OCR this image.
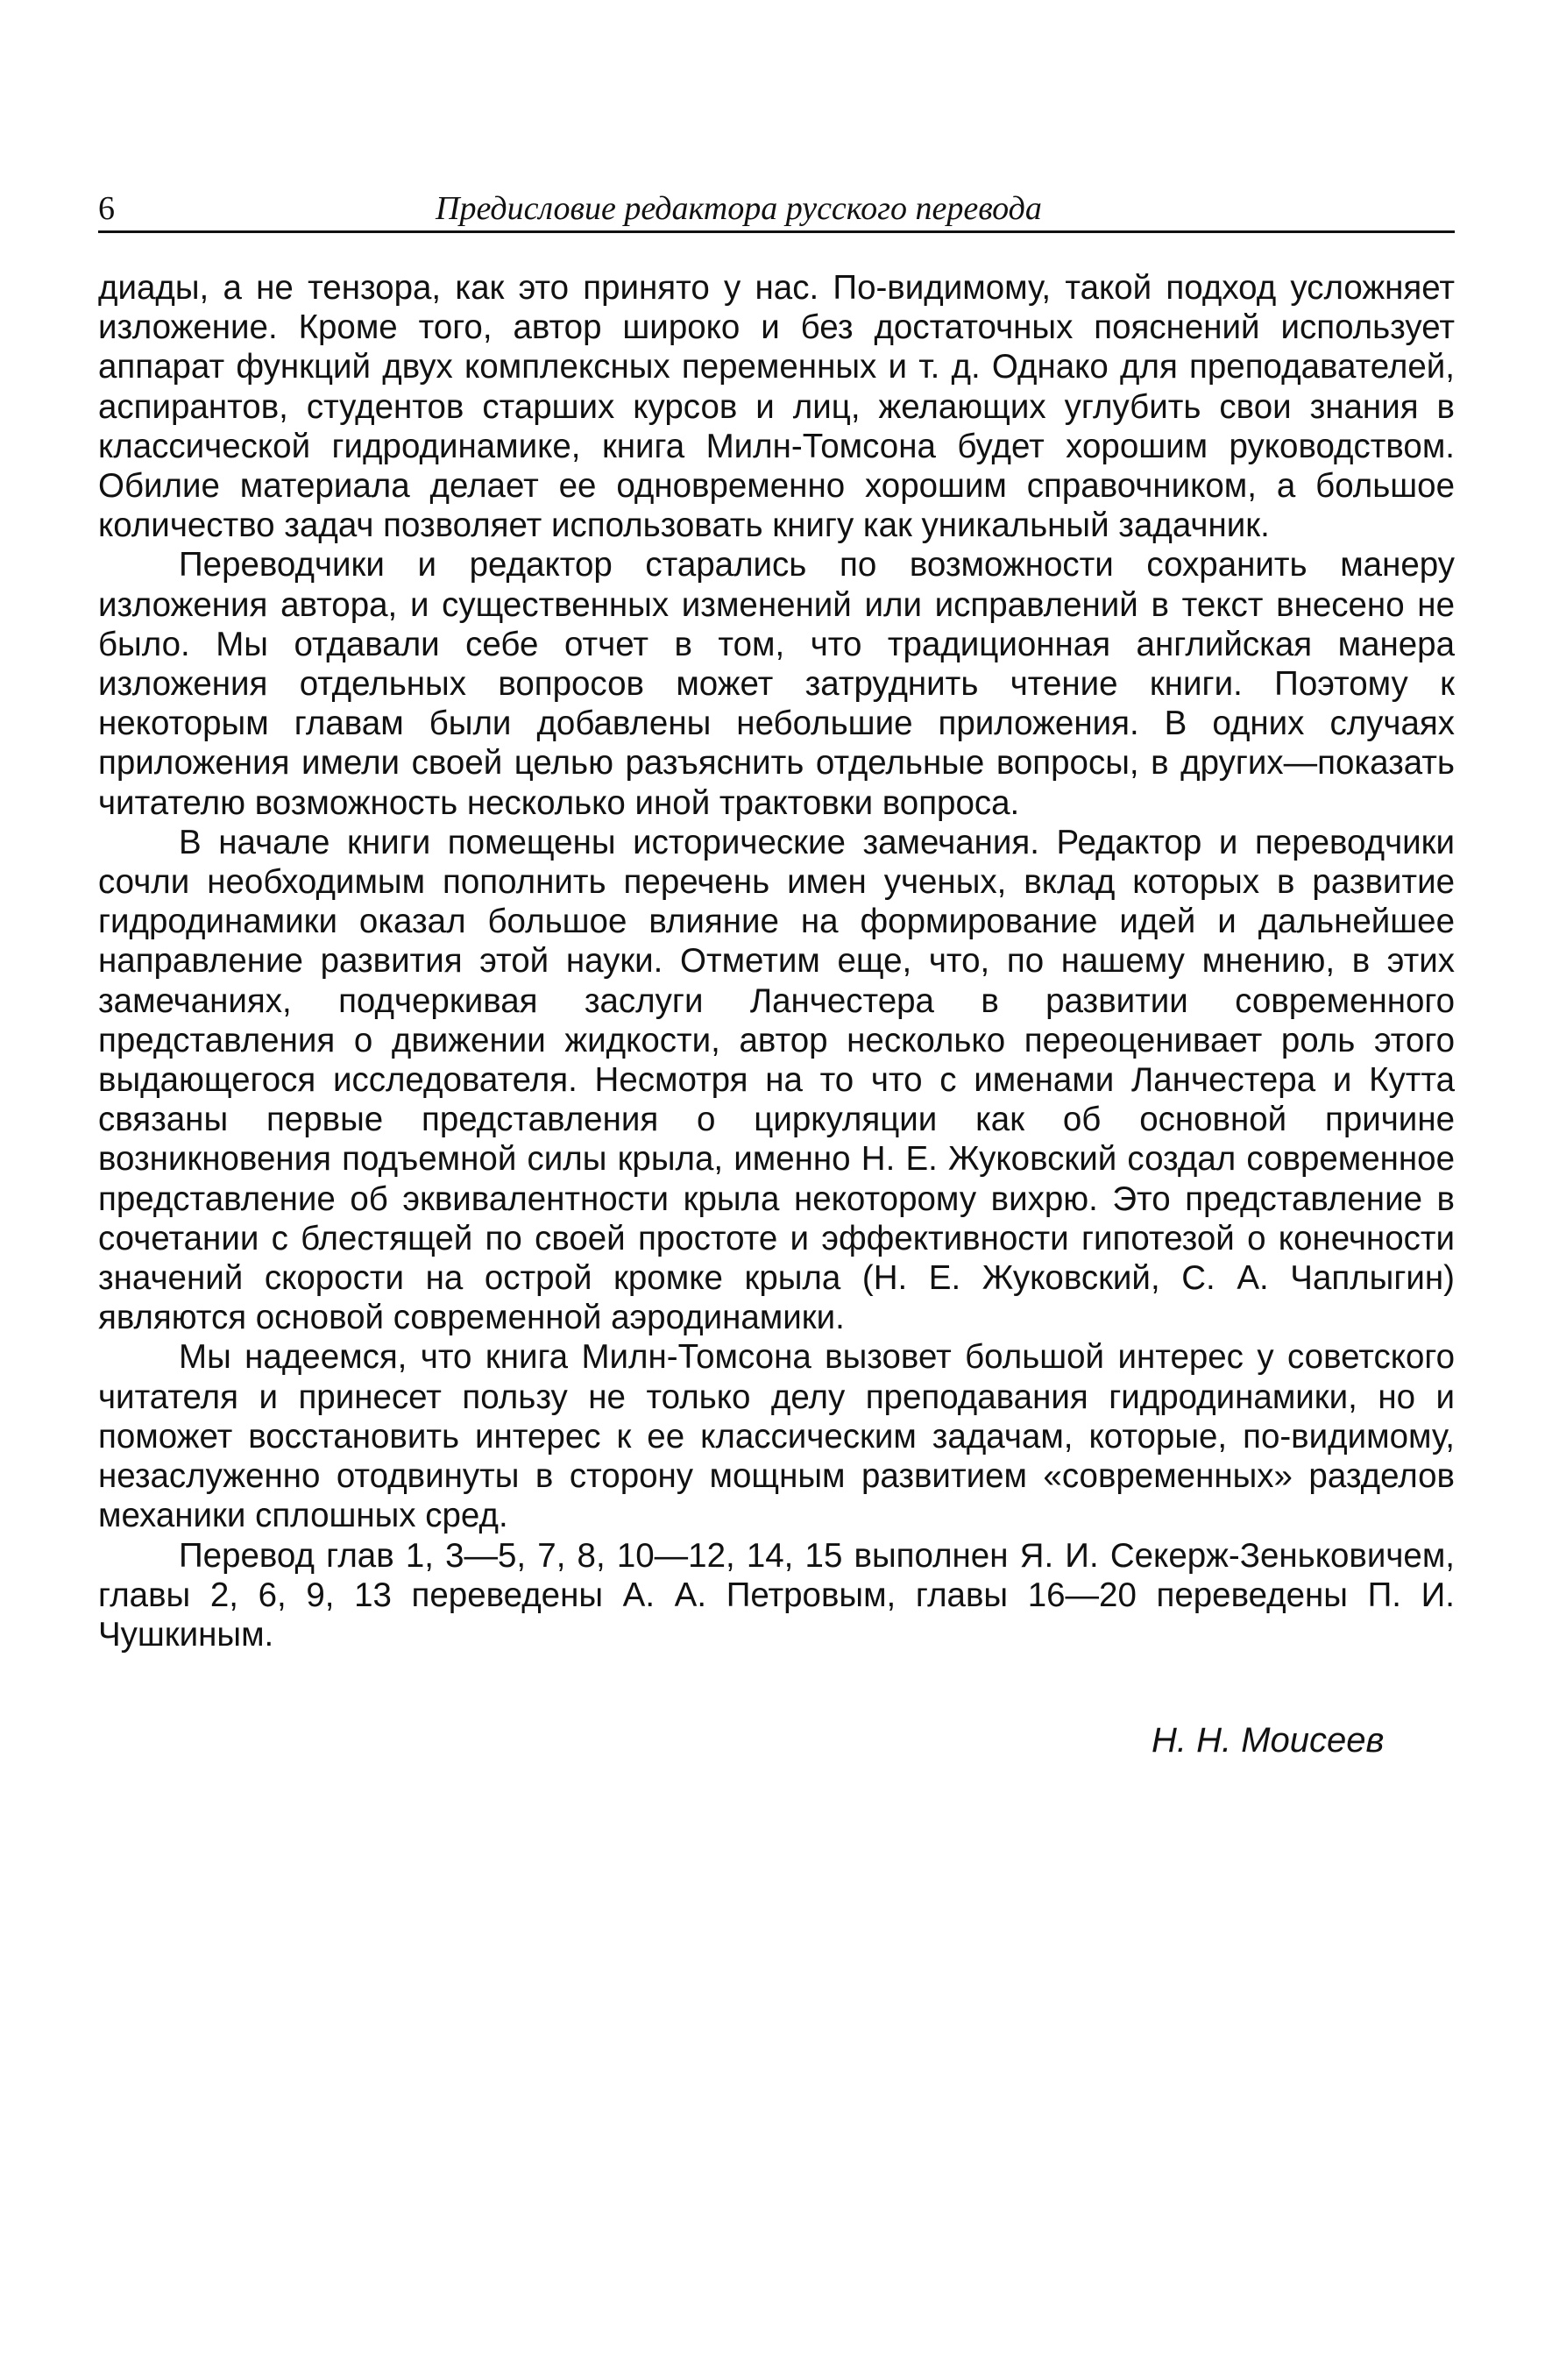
6	Предисловие редактора русского перевода

диады, а не тензора, как это принято у нас. По-видимому, такой подход усложняет изложение. Кроме того, автор широко и без достаточных пояснений использует аппарат функций двух комплексных переменных и т. д. Однако для преподавателей, аспирантов, студентов старших курсов и лиц, желающих углубить свои знания в классической гидродинамике, книга Милн-Томсона будет хорошим руководством. Обилие материала делает ее одновременно хорошим справочником, а большое количество задач позволяет использовать книгу как уникальный задачник.

Переводчики и редактор старались по возможности сохранить манеру изложения автора, и существенных изменений или исправлений в текст внесено не было. Мы отдавали себе отчет в том, что традиционная английская манера изложения отдельных вопросов может затруднить чтение книги. Поэтому к некоторым главам были добавлены небольшие приложения. В одних случаях приложения имели своей целью разъяснить отдельные вопросы, в других—показать читателю возможность несколько иной трактовки вопроса.

В начале книги помещены исторические замечания. Редактор и переводчики сочли необходимым пополнить перечень имен ученых, вклад которых в развитие гидродинамики оказал большое влияние на формирование идей и дальнейшее направление развития этой науки. Отметим еще, что, по нашему мнению, в этих замечаниях, подчеркивая заслуги Ланчестера в развитии современного представления о движении жидкости, автор несколько переоценивает роль этого выдающегося исследователя. Несмотря на то что с именами Ланчестера и Кутта связаны первые представления о циркуляции как об основной причине возникновения подъемной силы крыла, именно Н. Е. Жуковский создал современное представление об эквивалентности крыла некоторому вихрю. Это представление в сочетании с блестящей по своей простоте и эффективности гипотезой о конечности значений скорости на острой кромке крыла (Н. Е. Жуковский, С. А. Чаплыгин) являются основой современной аэродинамики.

Мы надеемся, что книга Милн-Томсона вызовет большой интерес у советского читателя и принесет пользу не только делу преподавания гидродинамики, но и поможет восстановить интерес к ее классическим задачам, которые, по-видимому, незаслуженно отодвинуты в сторону мощным развитием «современных» разделов механики сплошных сред.

Перевод глав 1, 3—5, 7, 8, 10—12, 14, 15 выполнен Я. И. Секерж-Зеньковичем, главы 2, 6, 9, 13 переведены А. А. Петровым, главы 16—20 переведены П. И. Чушкиным.

Н. Н. Моисеев
